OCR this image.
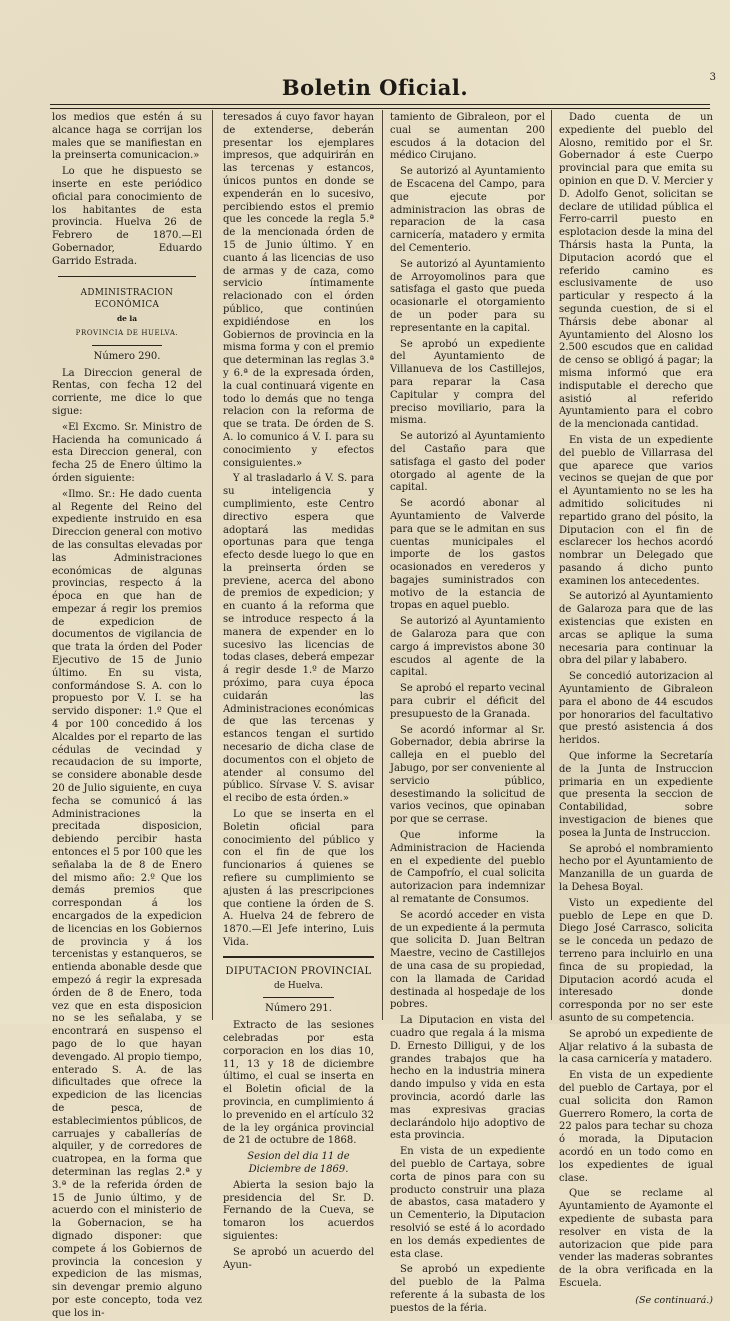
Boletin Oficial.

los medios que estén á su alcance haga se corrijan los males que se manifiestan en la preinserta comunicacion.»

Lo que he dispuesto se inserte en este periódico oficial para conocimiento de los habitantes de esta provincia. Huelva 26 de Febrero de 1870.—El Gobernador, Eduardo Garrido Estrada.

ADMINISTRACION ECONÓMICA
de la
PROVINCIA DE HUELVA.
Número 290.

La Direccion general de Rentas, con fecha 12 del corriente, me dice lo que sigue:

«El Excmo. Sr. Ministro de Hacienda ha comunicado á esta Direccion general, con fecha 25 de Enero último la órden siguiente:

«Ilmo. Sr.: He dado cuenta al Regente del Reino del expediente instruido en esa Direccion general con motivo de las consultas elevadas por las Administraciones económicas de algunas provincias, respecto á la época en que han de empezar á regir los premios de expedicion de documentos de vigilancia de que trata la órden del Poder Ejecutivo de 15 de Junio último. En su vista, conformándose S. A. con lo propuesto por V. I. se ha servido disponer: 1.º Que el 4 por 100 concedido á los Alcaldes por el reparto de las cédulas de vecindad y recaudacion de su importe, se considere abonable desde 20 de Julio siguiente, en cuya fecha se comunicó á las Administraciones la precitada disposicion, debiendo percibir hasta entonces el 5 por 100 que les señalaba la de 8 de Enero del mismo año: 2.º Que los demás premios que correspondan á los encargados de la expedicion de licencias en los Gobiernos de provincia y á los tercenistas y estanqueros, se entienda abonable desde que empezó á regir la expresada órden de 8 de Enero, toda vez que en esta disposicion no se les señalaba, y se encontrará en suspenso el pago de lo que hayan devengado. Al propio tiempo, enterado S. A. de las dificultades que ofrece la expedicion de las licencias de pesca, de establecimientos públicos, de carruajes y caballerías de alquiler, y de corredores de cuatropea, en la forma que determinan las reglas 2.ª y 3.ª de la referida órden de 15 de Junio último, y de acuerdo con el ministerio de la Gobernacion, se ha dignado disponer: que compete á los Gobiernos de provincia la concesion y expedicion de las mismas, sin devengar premio alguno por este concepto, toda vez que los in-

teresados á cuyo favor hayan de extenderse, deberán presentar los ejemplares impresos, que adquirirán en las tercenas y estancos, únicos puntos en donde se expenderán en lo sucesivo, percibiendo estos el premio que les concede la regla 5.ª de la mencionada órden de 15 de Junio último. Y en cuanto á las licencias de uso de armas y de caza, como servicio íntimamente relacionado con el órden público, que continúen expidiéndose en los Gobiernos de provincia en la misma forma y con el premio que determinan las reglas 3.ª y 6.ª de la expresada órden, la cual continuará vigente en todo lo demás que no tenga relacion con la reforma de que se trata. De órden de S. A. lo comunico á V. I. para su conocimiento y efectos consiguientes.»

Y al trasladarlo á V. S. para su inteligencia y cumplimiento, este Centro directivo espera que adoptará las medidas oportunas para que tenga efecto desde luego lo que en la preinserta órden se previene, acerca del abono de premios de expedicion; y en cuanto á la reforma que se introduce respecto á la manera de expender en lo sucesivo las licencias de todas clases, deberá empezar á regir desde 1.º de Marzo próximo, para cuya época cuidarán las Administraciones económicas de que las tercenas y estancos tengan el surtido necesario de dicha clase de documentos con el objeto de atender al consumo del público. Sírvase V. S. avisar el recibo de esta órden.»

Lo que se inserta en el Boletin oficial para conocimiento del público y con el fin de que los funcionarios á quienes se refiere su cumplimiento se ajusten á las prescripciones que contiene la órden de S. A. Huelva 24 de febrero de 1870.—El Jefe interino, Luis Vida.

DIPUTACION PROVINCIAL
de Huelva.
Número 291.

Extracto de las sesiones celebradas por esta corporacion en los dias 10, 11, 13 y 18 de diciembre último, el cual se inserta en el Boletin oficial de la provincia, en cumplimiento á lo prevenido en el artículo 32 de la ley orgánica provincial de 21 de octubre de 1868.

Sesion del dia 11 de Diciembre de 1869.

Abierta la sesion bajo la presidencia del Sr. D. Fernando de la Cueva, se tomaron los acuerdos siguientes:

Se aprobó un acuerdo del Ayun-

tamiento de Gibraleon, por el cual se aumentan 200 escudos á la dotacion del médico Cirujano.

Se autorizó al Ayuntamiento de Escacena del Campo, para que ejecute por administracion las obras de reparacion de la casa carnicería, matadero y ermita del Cementerio.

Se autorizó al Ayuntamiento de Arroyomolinos para que satisfaga el gasto que pueda ocasionarle el otorgamiento de un poder para su representante en la capital.

Se aprobó un expediente del Ayuntamiento de Villanueva de los Castillejos, para reparar la Casa Capitular y compra del preciso moviliario, para la misma.

Se autorizó al Ayuntamiento del Castaño para que satisfaga el gasto del poder otorgado al agente de la capital.

Se acordó abonar al Ayuntamiento de Valverde para que se le admitan en sus cuentas municipales el importe de los gastos ocasionados en verederos y bagajes suministrados con motivo de la estancia de tropas en aquel pueblo.

Se autorizó al Ayuntamiento de Galaroza para que con cargo á imprevistos abone 30 escudos al agente de la capital.

Se aprobó el reparto vecinal para cubrir el déficit del presupuesto de la Granada.

Se acordó informar al Sr. Gobernador, debia abrirse la calleja en el pueblo del Jabugo, por ser conveniente al servicio público, desestimando la solicitud de varios vecinos, que opinaban por que se cerrase.

Que informe la Administracion de Hacienda en el expediente del pueblo de Campofrío, el cual solicita autorizacion para indemnizar al rematante de Consumos.

Se acordó acceder en vista de un expediente á la permuta que solicita D. Juan Beltran Maestre, vecino de Castillejos de una casa de su propiedad, con la llamada de Caridad destinada al hospedaje de los pobres.

La Diputacion en vista del cuadro que regala á la misma D. Ernesto Dilligui, y de los grandes trabajos que ha hecho en la industria minera dando impulso y vida en esta provincia, acordó darle las mas expresivas gracias declarándolo hijo adoptivo de esta provincia.

En vista de un expediente del pueblo de Cartaya, sobre corta de pinos para con su producto construir una plaza de abastos, casa matadero y un Cementerio, la Diputacion resolvió se esté á lo acordado en los demás expedientes de esta clase.

Se aprobó un expediente del pueblo de la Palma referente á la subasta de los puestos de la féria.

Dado cuenta de un expediente del pueblo del Alosno, remitido por el Sr. Gobernador á este Cuerpo provincial para que emita su opinion en que D. V. Mercier y D. Adolfo Genot, solicitan se declare de utilidad pública el Ferro-carril puesto en esplotacion desde la mina del Thársis hasta la Punta, la Diputacion acordó que el referido camino es esclusivamente de uso particular y respecto á la segunda cuestion, de si el Thársis debe abonar al Ayuntamiento del Alosno los 2.500 escudos que en calidad de censo se obligó á pagar; la misma informó que era indisputable el derecho que asistió al referido Ayuntamiento para el cobro de la mencionada cantidad.

En vista de un expediente del pueblo de Villarrasa del que aparece que varios vecinos se quejan de que por el Ayuntamiento no se les ha admitido solicitudes ni repartido grano del pósito, la Diputacion con el fin de esclarecer los hechos acordó nombrar un Delegado que pasando á dicho punto examinen los antecedentes.

Se autorizó al Ayuntamiento de Galaroza para que de las existencias que existen en arcas se aplique la suma necesaria para continuar la obra del pilar y lababero.

Se concedió autorizacion al Ayuntamiento de Gibraleon para el abono de 44 escudos por honorarios del facultativo que prestó asistencia á dos heridos.

Que informe la Secretaría de la Junta de Instruccion primaria en un expediente que presenta la seccion de Contabilidad, sobre investigacion de bienes que posea la Junta de Instruccion.

Se aprobó el nombramiento hecho por el Ayuntamiento de Manzanilla de un guarda de la Dehesa Boyal.

Visto un expediente del pueblo de Lepe en que D. Diego José Carrasco, solicita se le conceda un pedazo de terreno para incluirlo en una finca de su propiedad, la Diputacion acordó acuda el interesado donde corresponda por no ser este asunto de su competencia.

Se aprobó un expediente de Aljar relativo á la subasta de la casa carnicería y matadero.

En vista de un expediente del pueblo de Cartaya, por el cual solicita don Ramon Guerrero Romero, la corta de 22 palos para techar su choza ó morada, la Diputacion acordó en un todo como en los expedientes de igual clase.

Que se reclame al Ayuntamiento de Ayamonte el expediente de subasta para resolver en vista de la autorizacion que pide para vender las maderas sobrantes de la obra verificada en la Escuela.

(Se continuará.)
3
